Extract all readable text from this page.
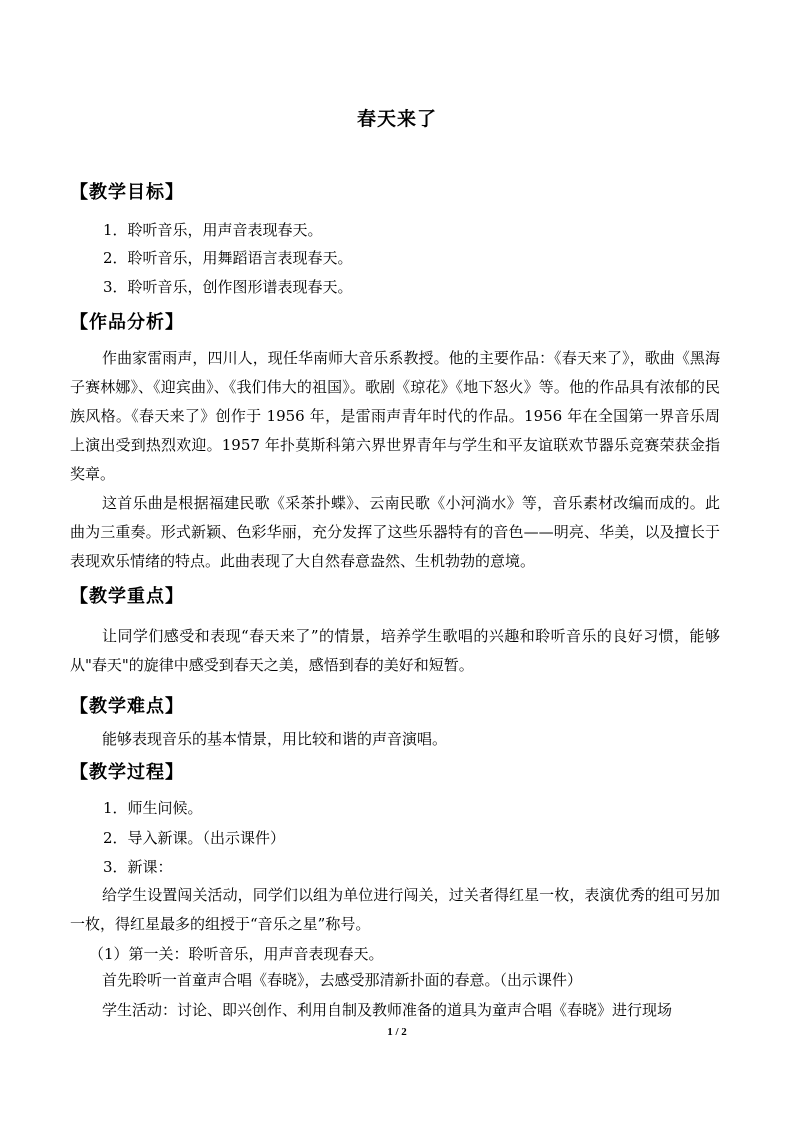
春天来了
【教学目标】
1．聆听音乐，用声音表现春天。
2．聆听音乐，用舞蹈语言表现春天。
3．聆听音乐，创作图形谱表现春天。
【作品分析】
作曲家雷雨声，四川人，现任华南师大音乐系教授。他的主要作品：《春天来了》，歌曲《黑海子赛林娜》、《迎宾曲》、《我们伟大的祖国》。歌剧《琼花》《地下怒火》等。他的作品具有浓郁的民族风格。《春天来了》创作于 1956 年，是雷雨声青年时代的作品。1956 年在全国第一界音乐周上演出受到热烈欢迎。1957 年扑莫斯科第六界世界青年与学生和平友谊联欢节器乐竞赛荣获金指奖章。
这首乐曲是根据福建民歌《采茶扑蝶》、云南民歌《小河淌水》等，音乐素材改编而成的。此曲为三重奏。形式新颖、色彩华丽，充分发挥了这些乐器特有的音色——明亮、华美，以及擅长于表现欢乐情绪的特点。此曲表现了大自然春意盎然、生机勃勃的意境。
【教学重点】
让同学们感受和表现“春天来了”的情景，培养学生歌唱的兴趣和聆听音乐的良好习惯，能够从"春天"的旋律中感受到春天之美，感悟到春的美好和短暂。
【教学难点】
能够表现音乐的基本情景，用比较和谐的声音演唱。
【教学过程】
1．师生问候。
2．导入新课。（出示课件）
3．新课：
给学生设置闯关活动，同学们以组为单位进行闯关，过关者得红星一枚，表演优秀的组可另加一枚，得红星最多的组授于“音乐之星”称号。
（1）第一关：聆听音乐，用声音表现春天。
首先聆听一首童声合唱《春晓》，去感受那清新扑面的春意。（出示课件）
学生活动：讨论、即兴创作、利用自制及教师准备的道具为童声合唱《春晓》进行现场
1 / 2
